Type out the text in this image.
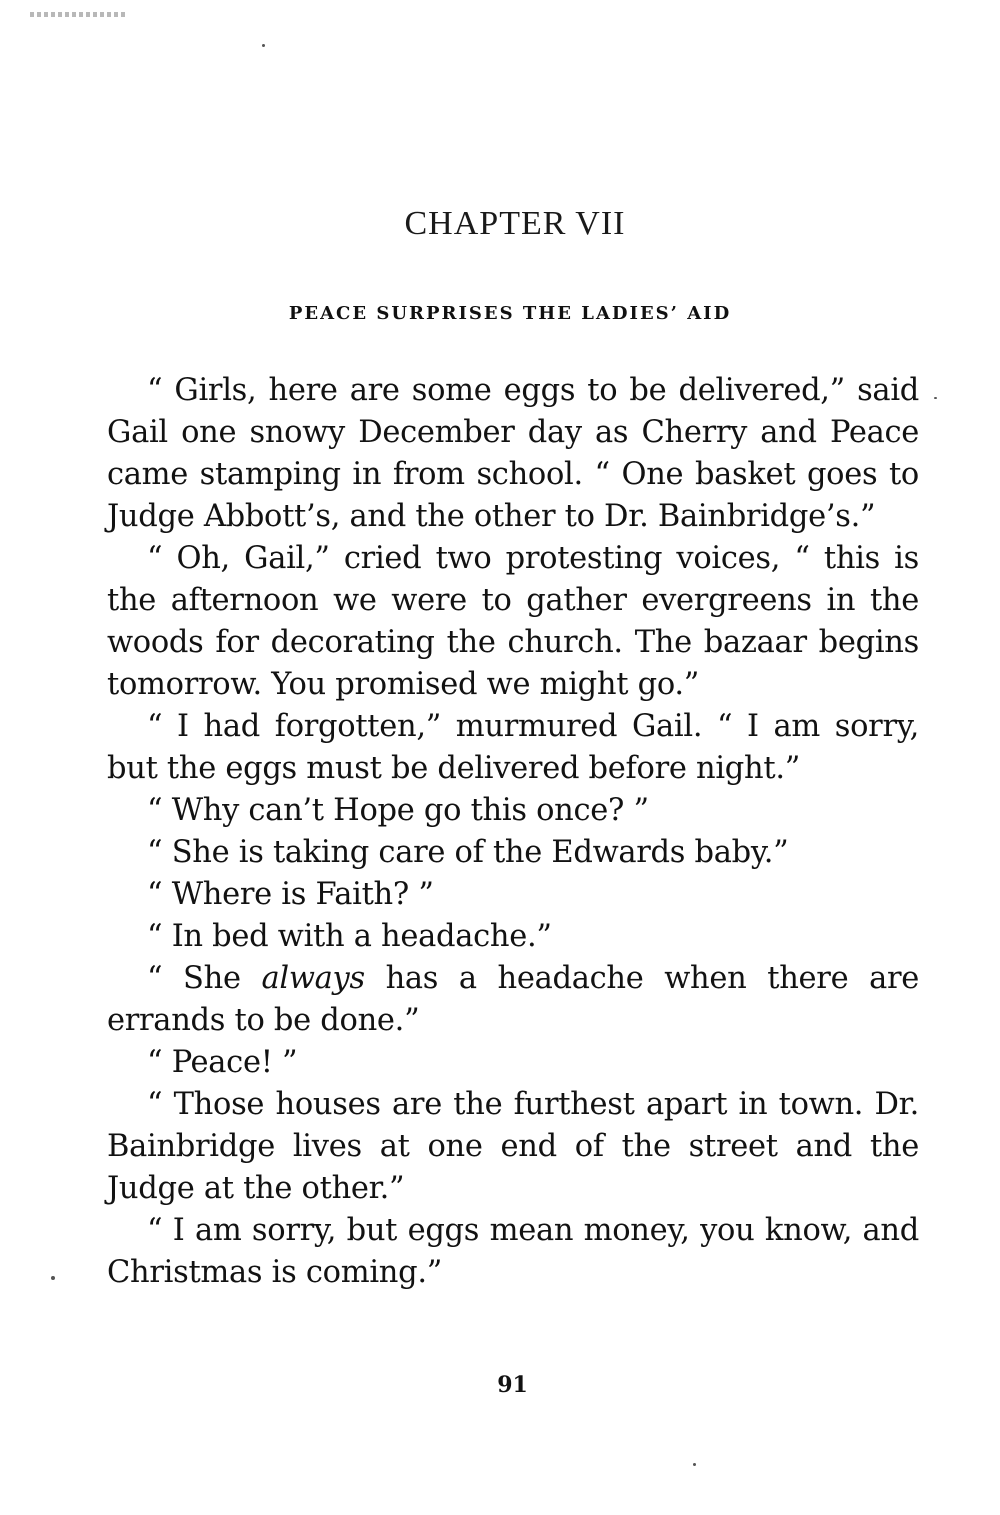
CHAPTER VII
PEACE SURPRISES THE LADIES’ AID

“ Girls, here are some eggs to be delivered,” said Gail one snowy December day as Cherry and Peace came stamping in from school. “ One basket goes to Judge Abbott’s, and the other to Dr. Bainbridge’s.”

“ Oh, Gail,” cried two protesting voices, “ this is the afternoon we were to gather evergreens in the woods for decorating the church. The bazaar begins tomorrow. You promised we might go.”

“ I had forgotten,” murmured Gail. “ I am sorry, but the eggs must be delivered before night.”

“ Why can’t Hope go this once? ”

“ She is taking care of the Edwards baby.”

“ Where is Faith? ”

“ In bed with a headache.”

“ She always has a headache when there are errands to be done.”

“ Peace! ”

“ Those houses are the furthest apart in town. Dr. Bainbridge lives at one end of the street and the Judge at the other.”

“ I am sorry, but eggs mean money, you know, and Christmas is coming.”

91
